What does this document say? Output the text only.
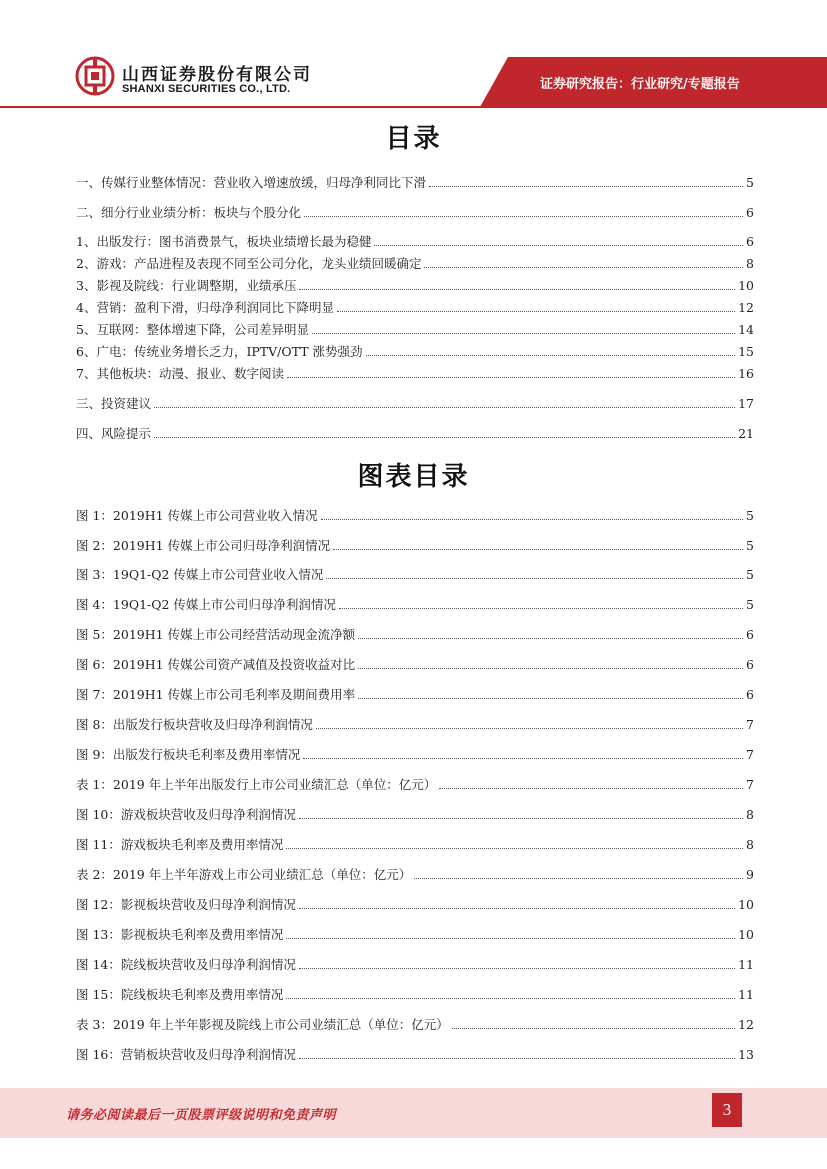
山西证券股份有限公司
SHANXI SECURITIES CO., LTD.	证券研究报告：行业研究/专题报告
目录
一、传媒行业整体情况：营业收入增速放缓，归母净利同比下滑	5
二、细分行业业绩分析：板块与个股分化	6
1、出版发行：图书消费景气，板块业绩增长最为稳健	6
2、游戏：产品进程及表现不同至公司分化，龙头业绩回暖确定	8
3、影视及院线：行业调整期，业绩承压	10
4、营销：盈利下滑，归母净利润同比下降明显	12
5、互联网：整体增速下降，公司差异明显	14
6、广电：传统业务增长乏力，IPTV/OTT 涨势强劲	15
7、其他板块：动漫、报业、数字阅读	16
三、投资建议	17
四、风险提示	21
图表目录
图 1：2019H1 传媒上市公司营业收入情况	5
图 2：2019H1 传媒上市公司归母净利润情况	5
图 3：19Q1-Q2 传媒上市公司营业收入情况	5
图 4：19Q1-Q2 传媒上市公司归母净利润情况	5
图 5：2019H1 传媒上市公司经营活动现金流净额	6
图 6：2019H1 传媒公司资产减值及投资收益对比	6
图 7：2019H1 传媒上市公司毛利率及期间费用率	6
图 8：出版发行板块营收及归母净利润情况	7
图 9：出版发行板块毛利率及费用率情况	7
表 1：2019 年上半年出版发行上市公司业绩汇总（单位：亿元）	7
图 10：游戏板块营收及归母净利润情况	8
图 11：游戏板块毛利率及费用率情况	8
表 2：2019 年上半年游戏上市公司业绩汇总（单位：亿元）	9
图 12：影视板块营收及归母净利润情况	10
图 13：影视板块毛利率及费用率情况	10
图 14：院线板块营收及归母净利润情况	11
图 15：院线板块毛利率及费用率情况	11
表 3：2019 年上半年影视及院线上市公司业绩汇总（单位：亿元）	12
图 16：营销板块营收及归母净利润情况	13
请务必阅读最后一页股票评级说明和免责声明	3
